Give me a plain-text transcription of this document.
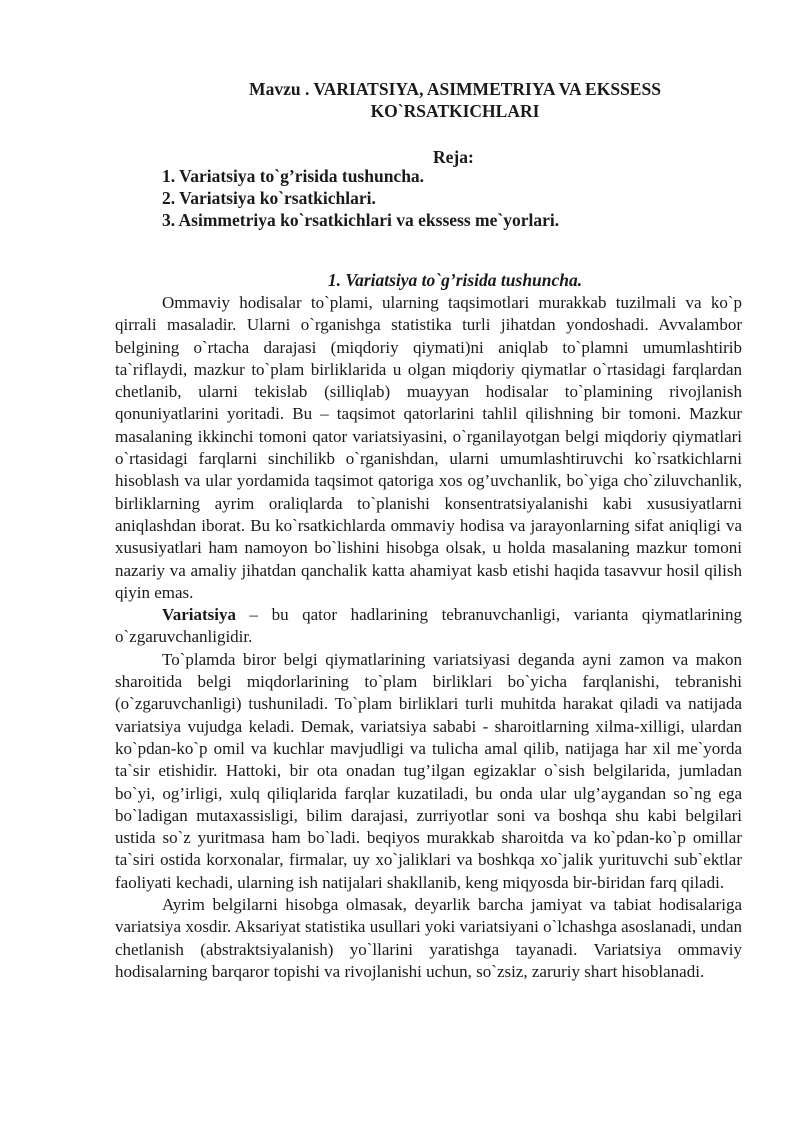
Mavzu . VARIATSIYA, ASIMMETRIYA VA EKSSESS
KO`RSATKICHLARI
Reja:
1. Variatsiya to`g’risida tushuncha.
2. Variatsiya ko`rsatkichlari.
3. Asimmetriya ko`rsatkichlari va ekssess me`yorlari.
1. Variatsiya to`g’risida tushuncha.

Ommaviy hodisalar to`plami, ularning taqsimotlari murakkab tuzilmali va ko`p qirrali masaladir. Ularni o`rganishga statistika turli jihatdan yondoshadi. Avvalambor belgining o`rtacha darajasi (miqdoriy qiymati)ni aniqlab to`plamni umumlashtirib ta`riflaydi, mazkur to`plam birliklarida u olgan miqdoriy qiymatlar o`rtasidagi farqlardan chetlanib, ularni tekislab (silliqlab) muayyan hodisalar to`plamining rivojlanish qonuniyatlarini yoritadi. Bu – taqsimot qatorlarini tahlil qilishning bir tomoni. Mazkur masalaning ikkinchi tomoni qator variatsiyasini, o`rganilayotgan belgi miqdoriy qiymatlari o`rtasidagi farqlarni sinchilikb o`rganishdan, ularni umumlashtiruvchi ko`rsatkichlarni hisoblash va ular yordamida taqsimot qatoriga xos og’uvchanlik, bo`yiga cho`ziluvchanlik, birliklarning ayrim oraliqlarda to`planishi konsentratsiyalanishi kabi xususiyatlarni aniqlashdan iborat. Bu ko`rsatkichlarda ommaviy hodisa va jarayonlarning sifat aniqligi va xususiyatlari ham namoyon bo`lishini hisobga olsak, u holda masalaning mazkur tomoni nazariy va amaliy jihatdan qanchalik katta ahamiyat kasb etishi haqida tasavvur hosil qilish qiyin emas.

Variatsiya – bu qator hadlarining tebranuvchanligi, varianta qiymatlarining o`zgaruvchanligidir.

To`plamda biror belgi qiymatlarining variatsiyasi deganda ayni zamon va makon sharoitida belgi miqdorlarining to`plam birliklari bo`yicha farqlanishi, tebranishi (o`zgaruvchanligi) tushuniladi. To`plam birliklari turli muhitda harakat qiladi va natijada variatsiya vujudga keladi. Demak, variatsiya sababi - sharoitlarning xilma-xilligi, ulardan ko`pdan-ko`p omil va kuchlar mavjudligi va tulicha amal qilib, natijaga har xil me`yorda ta`sir etishidir. Hattoki, bir ota onadan tug’ilgan egizaklar o`sish belgilarida, jumladan bo`yi, og’irligi, xulq qiliqlarida farqlar kuzatiladi, bu onda ular ulg’aygandan so`ng ega bo`ladigan mutaxassisligi, bilim darajasi, zurriyotlar soni va boshqa shu kabi belgilari ustida so`z yuritmasa ham bo`ladi. beqiyos murakkab sharoitda va ko`pdan-ko`p omillar ta`siri ostida korxonalar, firmalar, uy xo`jaliklari va boshkqa xo`jalik yurituvchi sub`ektlar faoliyati kechadi, ularning ish natijalari shakllanib, keng miqyosda bir-biridan farq qiladi.

Ayrim belgilarni hisobga olmasak, deyarlik barcha jamiyat va tabiat hodisalariga variatsiya xosdir. Aksariyat statistika usullari yoki variatsiyani o`lchashga asoslanadi, undan chetlanish (abstraktsiyalanish) yo`llarini yaratishga tayanadi. Variatsiya ommaviy hodisalarning barqaror topishi va rivojlanishi uchun, so`zsiz, zaruriy shart hisoblanadi.
